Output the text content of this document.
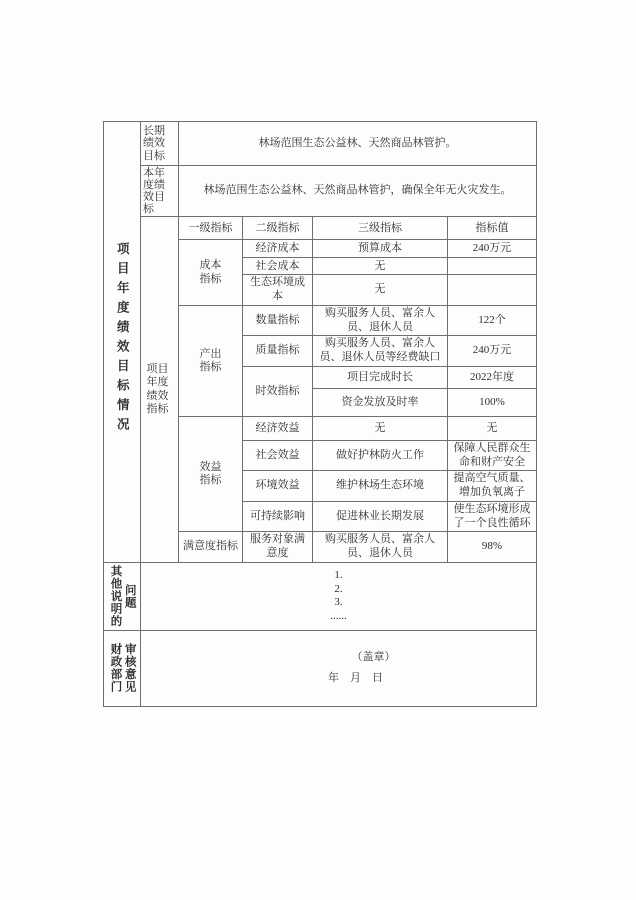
项目年度绩效目标情况	长期绩效目标	林场范围生态公益林、天然商品林管护。			

	本年度绩效目标	林场范围生态公益林、天然商品林管护，确保全年无火灾发生。			

	项目年度绩效指标	一级指标	二级指标	三级指标	指标值

		成本指标	经济成本	预算成本	240万元
			社会成本	无	
			生态环境成本	无	

		产出指标	数量指标	购买服务人员、富余人员、退休人员	122个
			质量指标	购买服务人员、富余人员、退休人员等经费缺口	240万元
			时效指标	项目完成时长	2022年度
				资金发放及时率	100%

		效益指标	经济效益	无	无
			社会效益	做好护林防火工作	保障人民群众生命和财产安全
			环境效益	维护林场生态环境	提高空气质量、增加负氧离子
			可持续影响	促进林业长期发展	使生态环境形成了一个良性循环
		满意度指标	服务对象满意度	购买服务人员、富余人员、退休人员	98%

其他说明的 问题

1.
2.
3.
......

财政部门 审核意见	（盖章）
年　月　日
